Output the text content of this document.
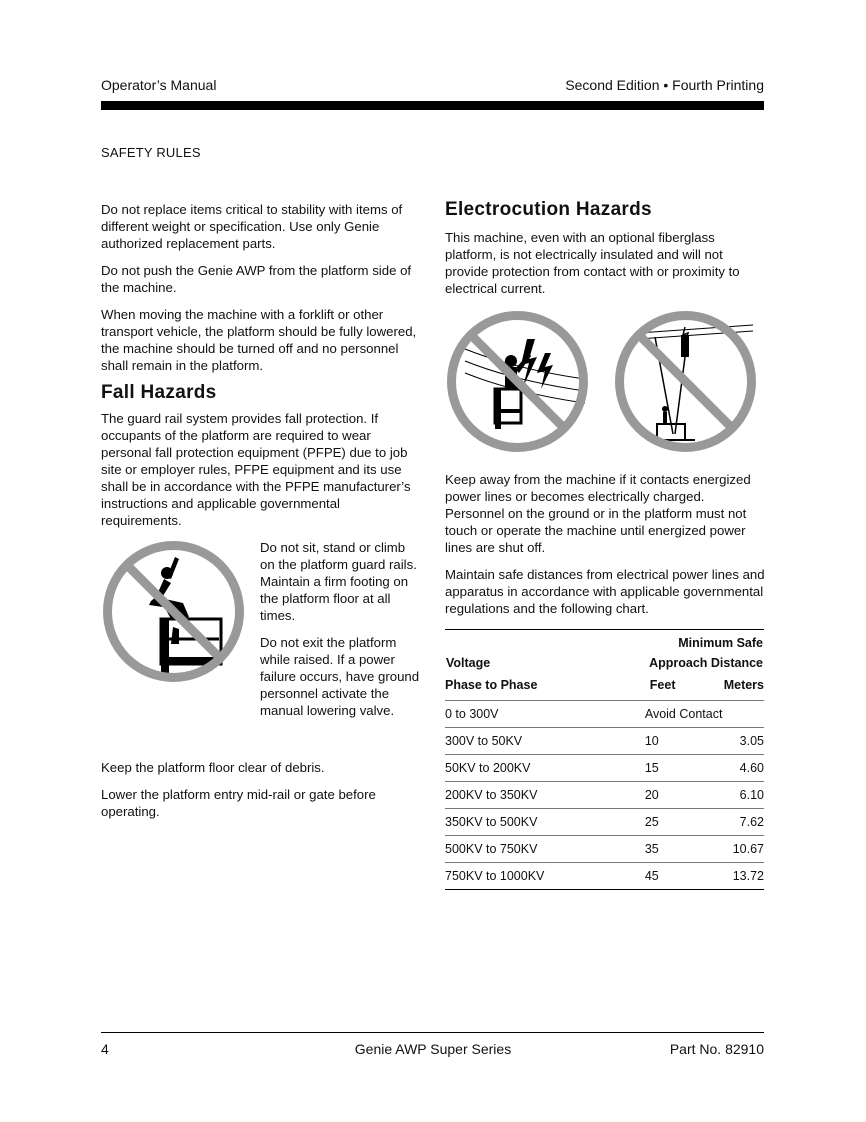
Operator’s Manual	Second Edition • Fourth Printing
SAFETY RULES

Do not replace items critical to stability with items of different weight or specification. Use only Genie authorized replacement parts.

Do not push the Genie AWP from the platform side of the machine.

When moving the machine with a forklift or other transport vehicle, the platform should be fully lowered, the machine should be turned off and no personnel shall remain in the platform.

Fall Hazards

The guard rail system provides fall protection. If occupants of the platform are required to wear personal fall protection equipment (PFPE) due to job site or employer rules, PFPE equipment and its use shall be in accordance with the PFPE manufacturer’s instructions and applicable governmental requirements.

Do not sit, stand or climb on the platform guard rails. Maintain a firm footing on the platform floor at all times.

Do not exit the platform while raised. If a power failure occurs, have ground personnel activate the manual lowering valve.

Keep the platform floor clear of debris.

Lower the platform entry mid-rail or gate before operating.

Electrocution Hazards

This machine, even with an optional fiberglass platform, is not electrically insulated and will not provide protection from contact with or proximity to electrical current.

Keep away from the machine if it contacts energized power lines or becomes electrically charged. Personnel on the ground or in the platform must not touch or operate the machine until energized power lines are shut off.

Maintain safe distances from electrical power lines and apparatus in accordance with applicable governmental regulations and the following chart.

	Minimum Safe	
Voltage	Approach Distance	
Phase to Phase	Feet	Meters
0 to 300V	Avoid Contact	
300V to 50KV	10	3.05
50KV to 200KV	15	4.60
200KV to 350KV	20	6.10
350KV to 500KV	25	7.62
500KV to 750KV	35	10.67
750KV to 1000KV	45	13.72
4	Genie AWP Super Series	Part No. 82910
